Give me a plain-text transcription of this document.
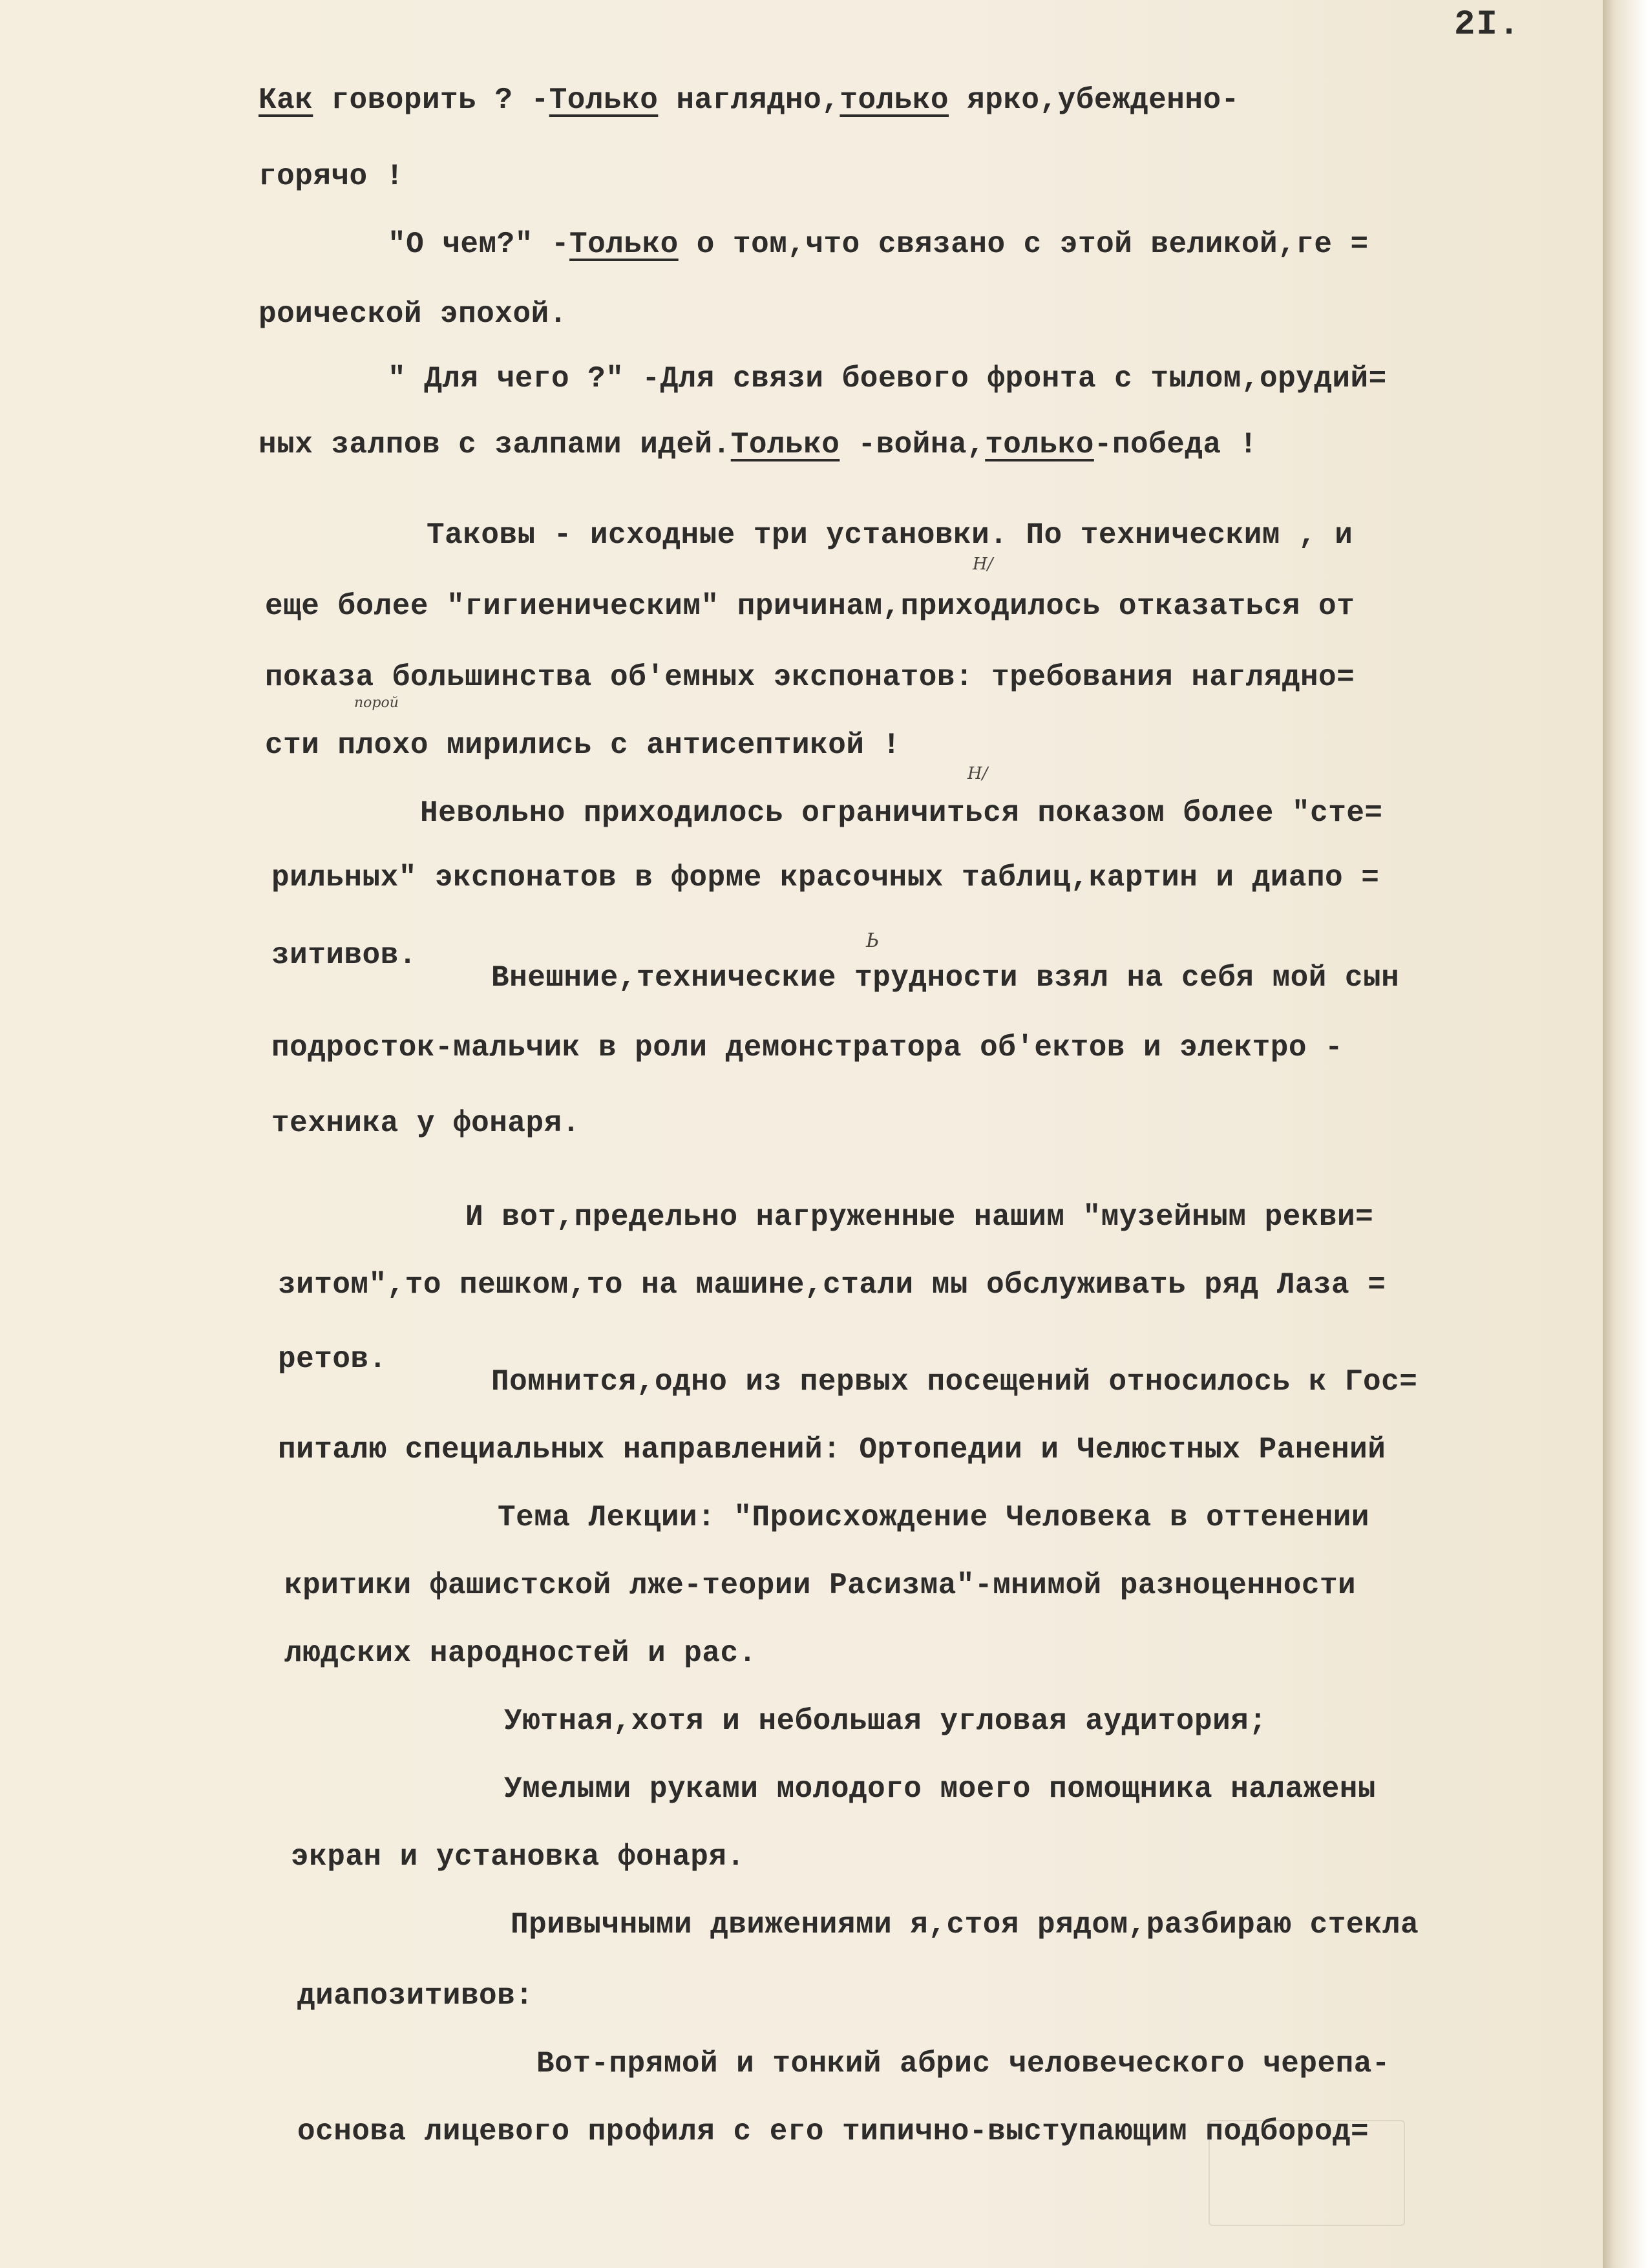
2I.
Как говорить ? -Только наглядно,только ярко,убежденно-
горячо !
"О чем?" -Только о том,что связано с этой великой,ге =
роической эпохой.
" Для чего ?" -Для связи боевого фронта с тылом,орудий=
ных залпов с залпами идей.Только -война,только-победа !
Таковы - исходные три установки. По техническим , и
еще более "гигиеническим" причинам,приходилось отказаться от
показа большинства об'емных экспонатов: требования наглядно=
сти плохо мирились с антисептикой !
Невольно приходилось ограничиться показом более "сте=
рильных" экспонатов в форме красочных таблиц,картин и диапо =
зитивов.
Внешние,технические трудности взял на себя мой сын
подросток-мальчик в роли демонстратора об'ектов и электро -
техника у фонаря.
И вот,предельно нагруженные нашим "музейным рекви=
зитом",то пешком,то на машине,стали мы обслуживать ряд Лаза =
ретов.
Помнится,одно из первых посещений относилось к Гос=
питалю специальных направлений: Ортопедии и Челюстных Ранений
Тема Лекции: "Происхождение Человека в оттенении
критики фашистской лже-теории Расизма"-мнимой разноценности
людских народностей и рас.
Уютная,хотя и небольшая угловая аудитория;
Умелыми руками молодого моего помощника налажены
экран и установка фонаря.
Привычными движениями я,стоя рядом,разбираю стекла
диапозитивов:
Вот-прямой и тонкий абрис человеческого черепа-
основа лицевого профиля с его типично-выступающим подбород=
Н/
Н/
порой
Ь
